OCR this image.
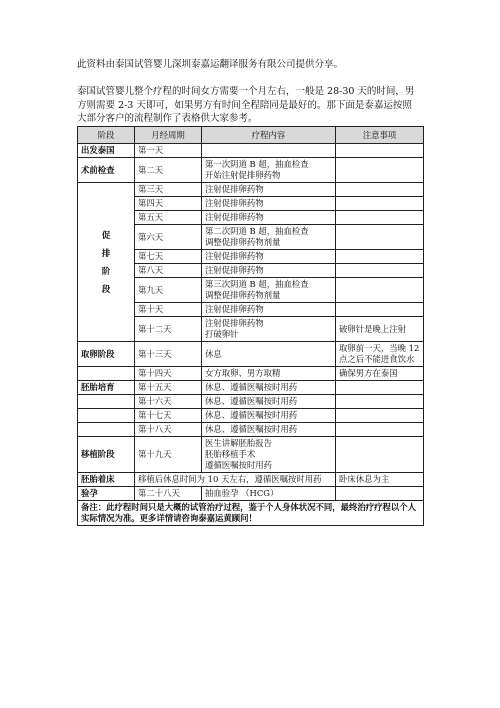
此资料由泰国试管婴儿深圳泰嘉运翻译服务有限公司提供分享。
泰国试管婴儿整个疗程的时间女方需要一个月左右，一般是 28-30 天的时间，男方则需要 2-3 天即可，如果男方有时间全程陪同是最好的。那下面是泰嘉运按照大部分客户的流程制作了表格供大家参考。
阶段	月经周期	疗程内容	注意事项
出发泰国	第一天		
术前检查	第二天	第一次阴道 B 超，抽血检查
开始注射促排卵药物	
促排阶段	第三天	注射促排卵药物	
	第四天	注射促排卵药物	
	第五天	注射促排卵药物	
	第六天	第二次阴道 B 超，抽血检查
调整促排卵药物剂量	
	第七天	注射促排卵药物	
	第八天	注射促排卵药物	
	第九天	第三次阴道 B 超，抽血检查
调整促排卵药物剂量	
	第十天	注射促排卵药物	
	第十二天	注射促排卵药物
打破卵针	破卵针是晚上注射
取卵阶段	第十三天	休息	取卵前一天，当晚 12 点之后不能进食饮水
	第十四天	女方取卵、男方取精	确保男方在泰国
胚胎培育	第十五天	休息、遵循医嘱按时用药	
	第十六天	休息、遵循医嘱按时用药	
	第十七天	休息、遵循医嘱按时用药	
	第十八天	休息、遵循医嘱按时用药	
移植阶段	第十九天	医生讲解胚胎报告
胚胎移植手术
遵循医嘱按时用药	
胚胎着床	移植后休息时间为 10 天左右，遵循医嘱按时用药		卧床休息为主
验孕	第二十八天	抽血验孕 （HCG）	
备注：此疗程时间只是大概的试管治疗过程，鉴于个人身体状况不同，最终治疗疗程以个人实际情况为准。更多详情请咨询泰嘉运黄顾问！			
